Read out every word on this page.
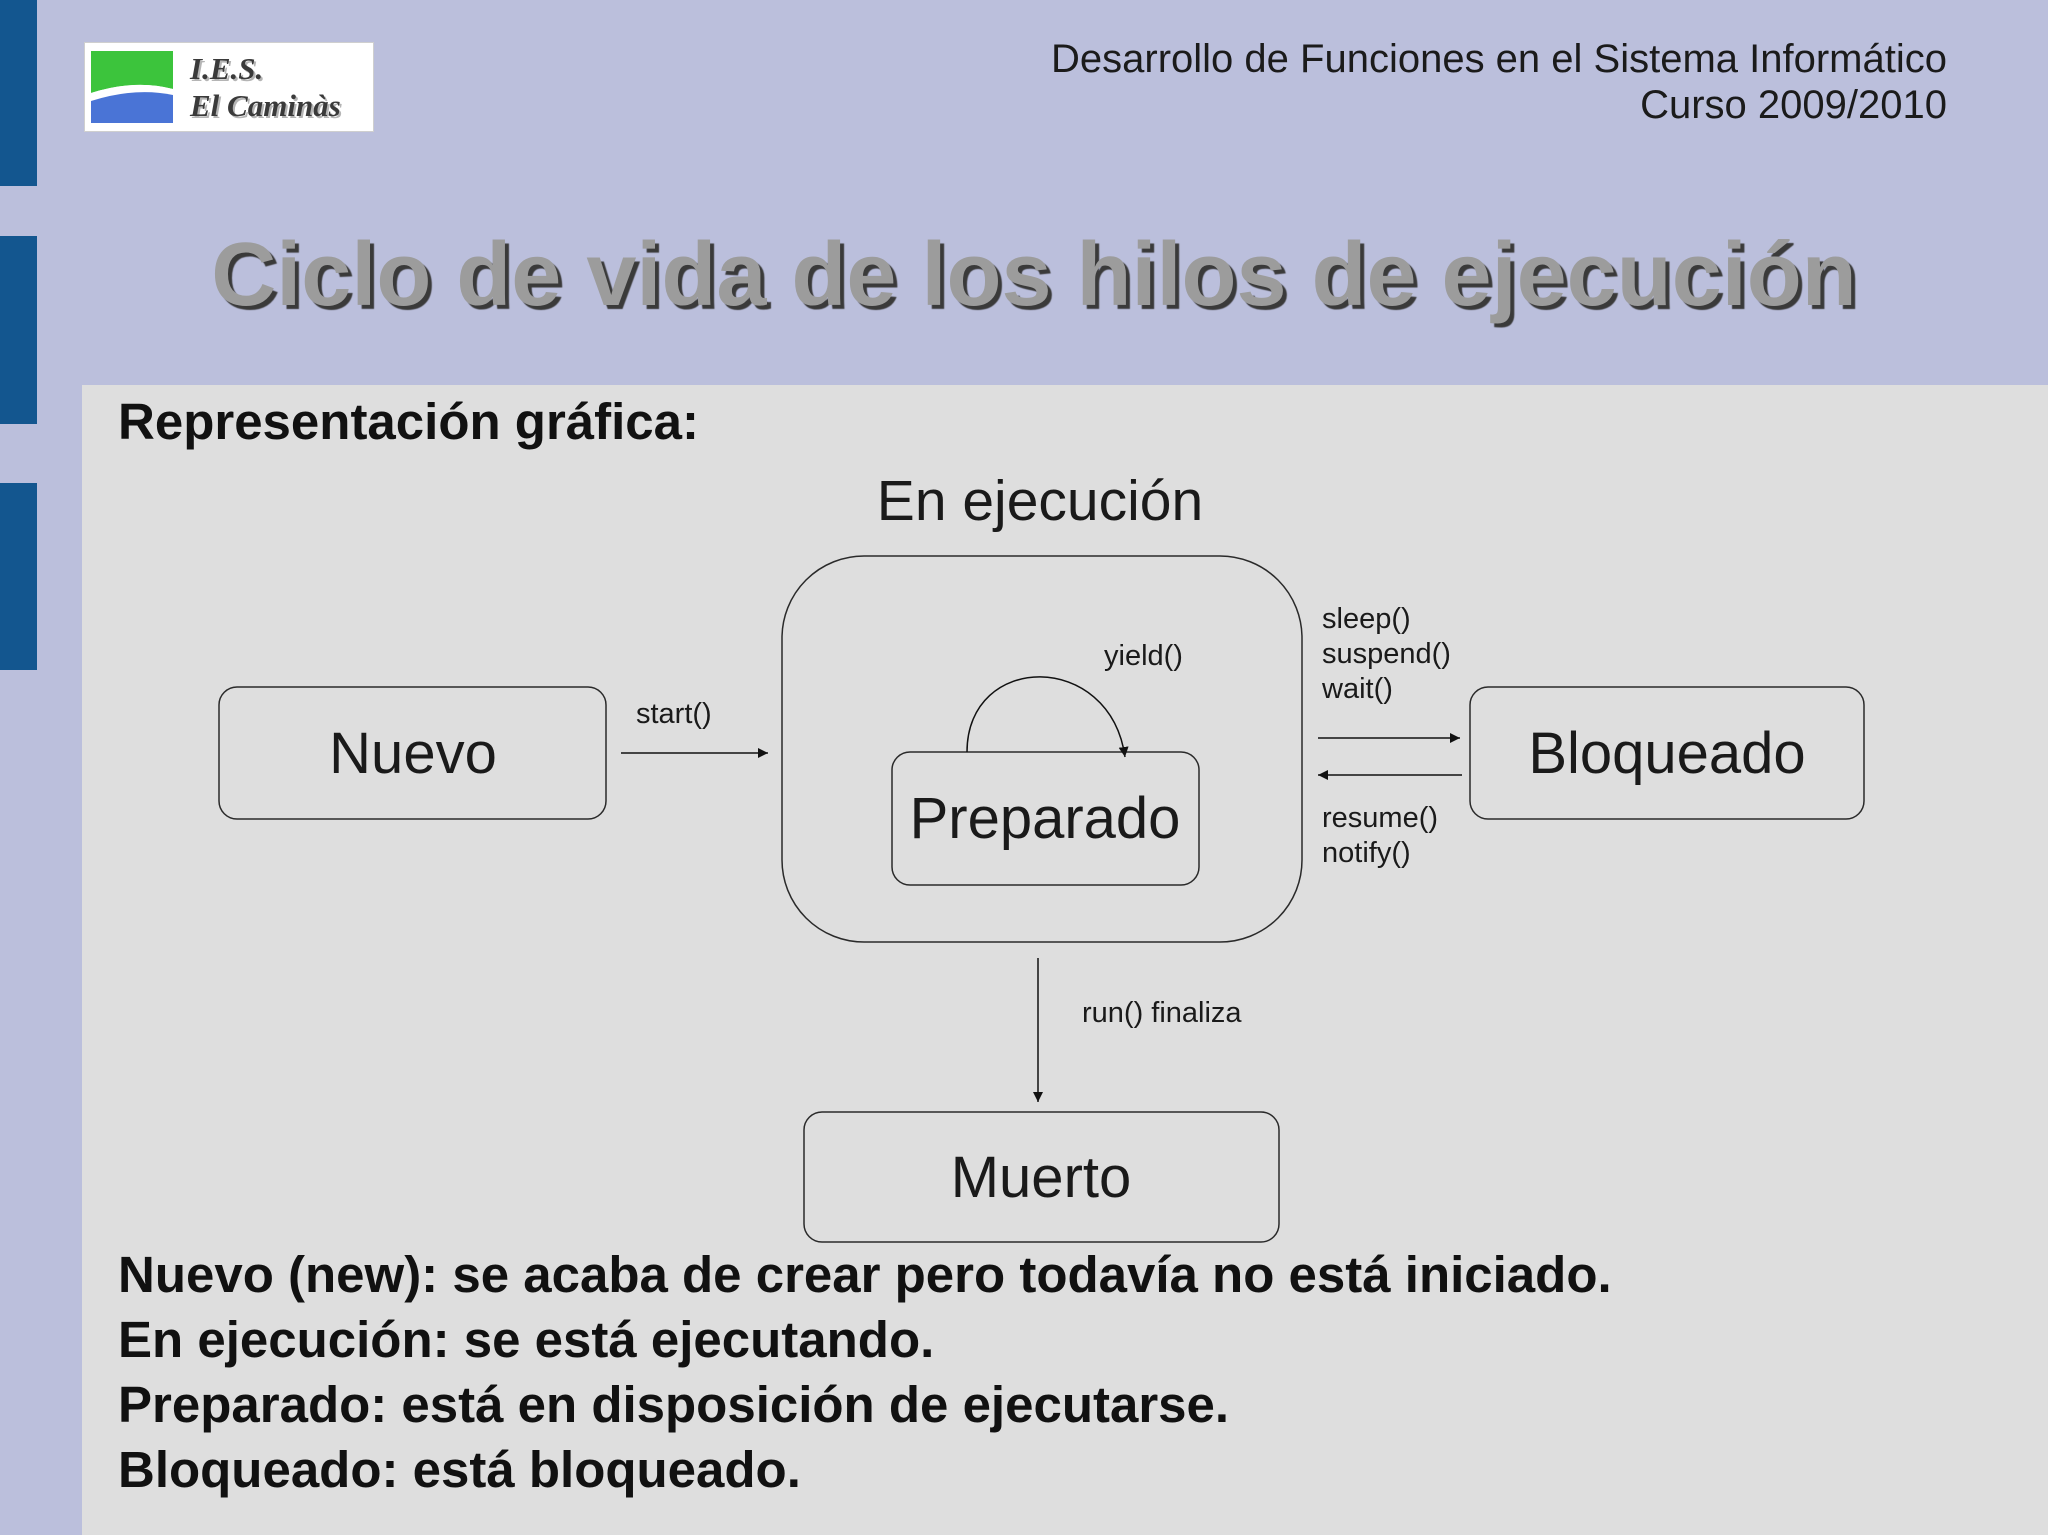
I.E.S.
El Caminàs
Desarrollo de Funciones en el Sistema Informático
Curso 2009/2010
Ciclo de vida de los hilos de ejecución
Representación gráfica:
En ejecución
Nuevo
Preparado
Bloqueado
Muerto
start()
yield()
sleep()
suspend()
wait()
resume()
notify()
run() finaliza
Nuevo (new): se acaba de crear pero todavía no está iniciado.
En ejecución: se está ejecutando.
Preparado: está en disposición de ejecutarse.
Bloqueado: está bloqueado.
